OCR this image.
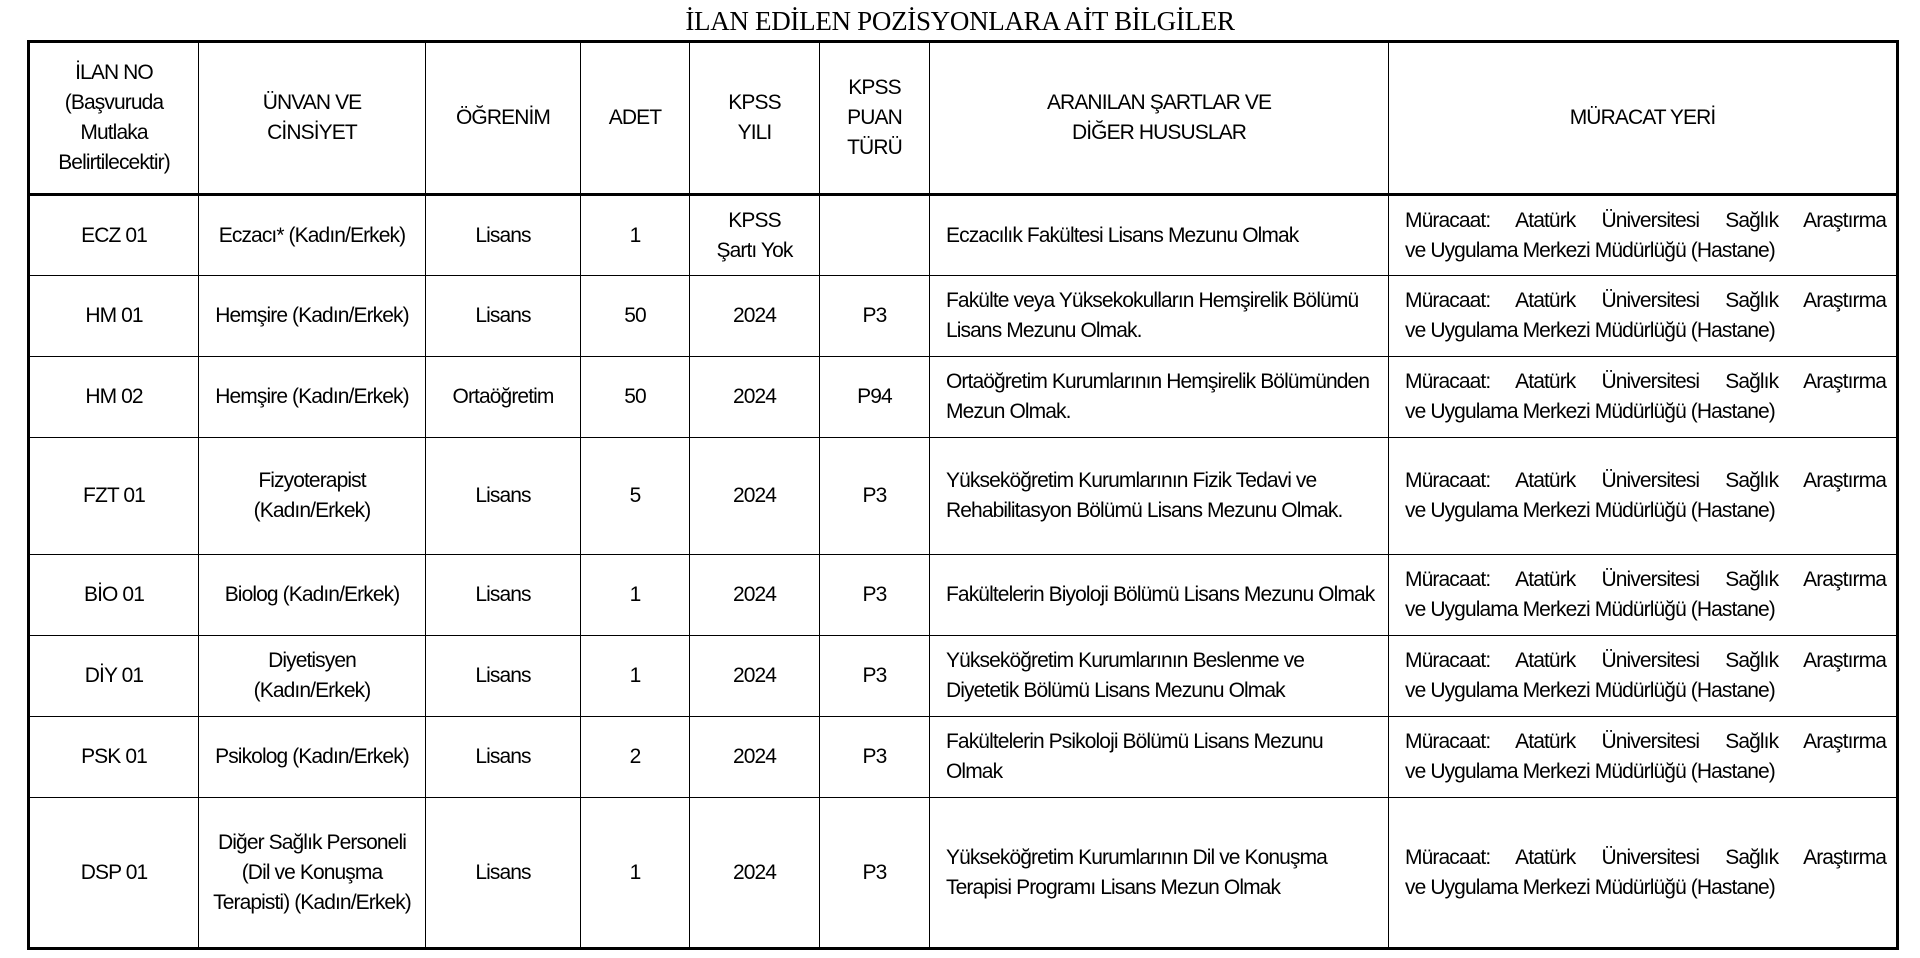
İLAN EDİLEN POZİSYONLARA AİT BİLGİLER
İLAN NO (Başvuruda Mutlaka Belirtilecektir)	ÜNVAN VE CİNSİYET	ÖĞRENİM	ADET	KPSS YILI	KPSS PUAN TÜRÜ	ARANILAN ŞARTLAR VE DİĞER HUSUSLAR	MÜRACAT YERİ
ECZ 01	Eczacı* (Kadın/Erkek)	Lisans	1	KPSS Şartı Yok		Eczacılık Fakültesi Lisans Mezunu Olmak	Müracaat: Atatürk Üniversitesi Sağlık Araştırma
ve Uygulama Merkezi Müdürlüğü (Hastane)

HM 01	Hemşire (Kadın/Erkek)	Lisans	50	2024	P3	Fakülte veya Yüksekokulların Hemşirelik Bölümü Lisans Mezunu Olmak.	Müracaat: Atatürk Üniversitesi Sağlık Araştırma
ve Uygulama Merkezi Müdürlüğü (Hastane)

HM 02	Hemşire (Kadın/Erkek)	Ortaöğretim	50	2024	P94	Ortaöğretim Kurumlarının Hemşirelik Bölümünden Mezun Olmak.	Müracaat: Atatürk Üniversitesi Sağlık Araştırma
ve Uygulama Merkezi Müdürlüğü (Hastane)

FZT 01	Fizyoterapist (Kadın/Erkek)	Lisans	5	2024	P3	Yükseköğretim Kurumlarının Fizik Tedavi ve Rehabilitasyon Bölümü Lisans Mezunu Olmak.	Müracaat: Atatürk Üniversitesi Sağlık Araştırma
ve Uygulama Merkezi Müdürlüğü (Hastane)

BİO 01	Biolog (Kadın/Erkek)	Lisans	1	2024	P3	Fakültelerin Biyoloji Bölümü Lisans Mezunu Olmak	Müracaat: Atatürk Üniversitesi Sağlık Araştırma
ve Uygulama Merkezi Müdürlüğü (Hastane)

DİY 01	Diyetisyen (Kadın/Erkek)	Lisans	1	2024	P3	Yükseköğretim Kurumlarının Beslenme ve Diyetetik Bölümü Lisans Mezunu Olmak	Müracaat: Atatürk Üniversitesi Sağlık Araştırma
ve Uygulama Merkezi Müdürlüğü (Hastane)

PSK 01	Psikolog (Kadın/Erkek)	Lisans	2	2024	P3	Fakültelerin Psikoloji Bölümü Lisans Mezunu Olmak	Müracaat: Atatürk Üniversitesi Sağlık Araştırma
ve Uygulama Merkezi Müdürlüğü (Hastane)

DSP 01	Diğer Sağlık Personeli (Dil ve Konuşma Terapisti) (Kadın/Erkek)	Lisans	1	2024	P3	Yükseköğretim Kurumlarının Dil ve Konuşma Terapisi Programı Lisans Mezun Olmak	Müracaat: Atatürk Üniversitesi Sağlık Araştırma
ve Uygulama Merkezi Müdürlüğü (Hastane)
